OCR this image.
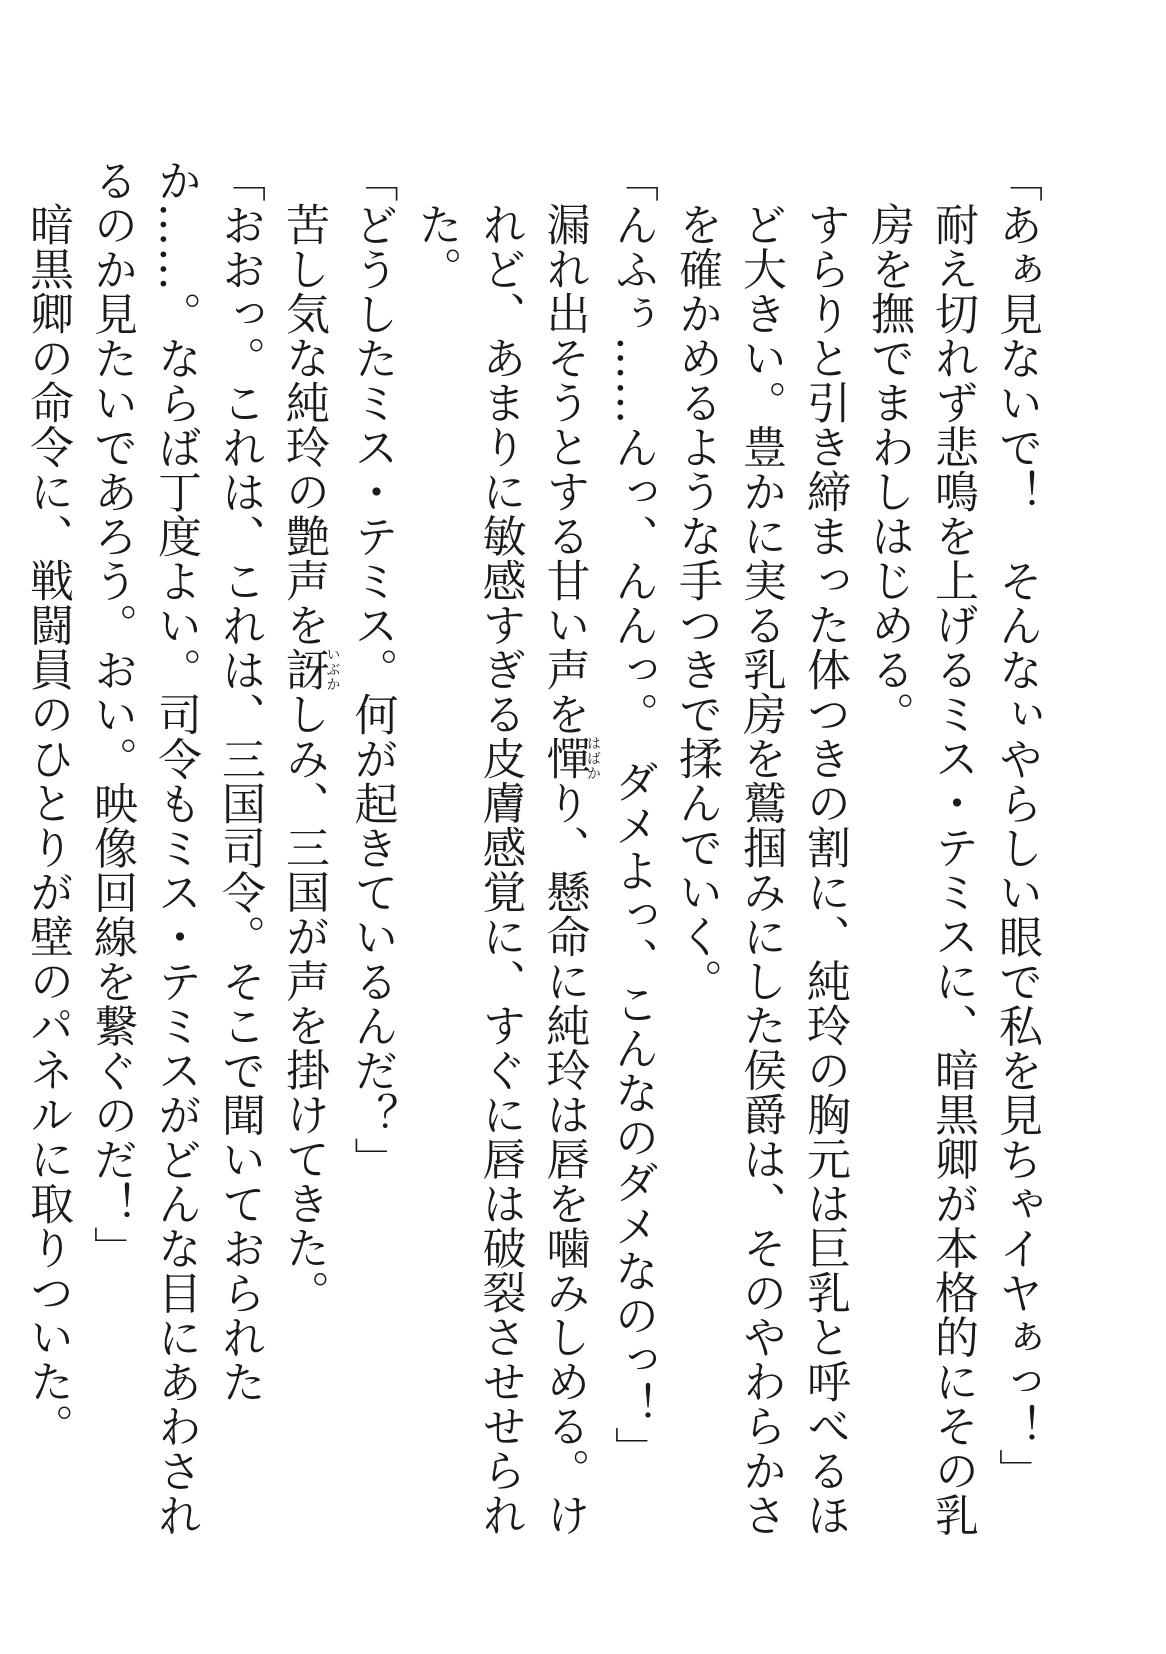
「あぁ見ないで！　そんなぃやらしい眼で私を見ちゃイヤぁっ！」

耐え切れず悲鳴を上げるミス・テミスに、暗黒卿が本格的にその乳房を撫でまわしはじめる。

すらりと引き締まった体つきの割に、純玲の胸元は巨乳と呼べるほど大きい。豊かに実る乳房を鷲掴みにした侯爵は、そのやわらかさを確かめるような手つきで揉んでいく。

「んふぅ……んっ、んんっ。　ダメよっ、こんなのダメなのっ！」

漏れ出そうとする甘い声を憚はばかり、懸命に純玲は唇を噛みしめる。けれど、あまりに敏感すぎる皮膚感覚に、すぐに唇は破裂させせられた。

「どうしたミス・テミス。何が起きているんだ？」

苦し気な純玲の艶声を訝いぶかしみ、三国が声を掛けてきた。

「おおっ。これは、これは、三国司令。そこで聞いておられたか……。ならば丁度よい。司令もミス・テミスがどんな目にあわされるのか見たいであろう。おい。映像回線を繋ぐのだ！」

暗黒卿の命令に、戦闘員のひとりが壁のパネルに取りついた。
